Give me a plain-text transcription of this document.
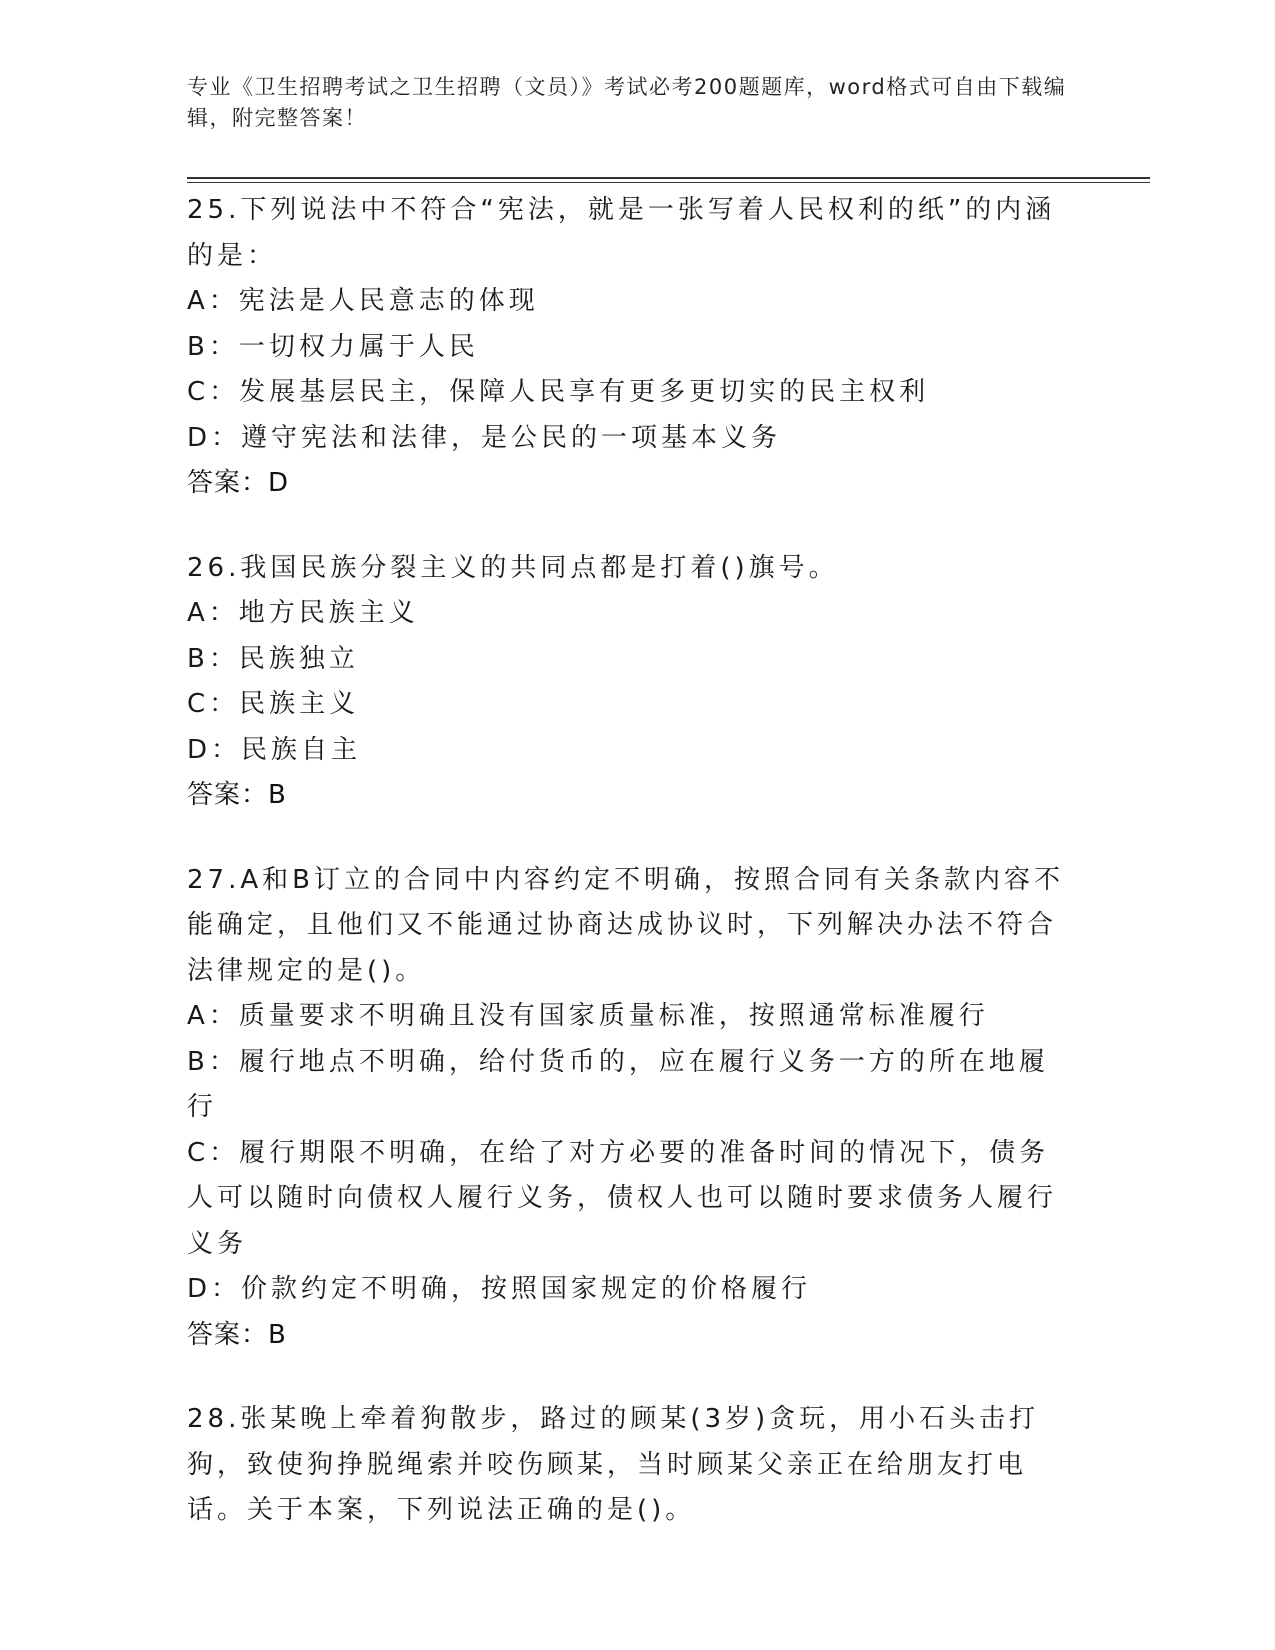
专业《卫生招聘考试之卫生招聘（文员）》考试必考200题题库，word格式可自由下载编辑，附完整答案！
25.下列说法中不符合“宪法，就是一张写着人民权利的纸”的内涵的是：
A：宪法是人民意志的体现
B：一切权力属于人民
C：发展基层民主，保障人民享有更多更切实的民主权利
D：遵守宪法和法律，是公民的一项基本义务
答案：D
26.我国民族分裂主义的共同点都是打着()旗号。
A：地方民族主义
B：民族独立
C：民族主义
D：民族自主
答案：B
27.A和B订立的合同中内容约定不明确，按照合同有关条款内容不能确定，且他们又不能通过协商达成协议时，下列解决办法不符合法律规定的是()。
A：质量要求不明确且没有国家质量标准，按照通常标准履行
B：履行地点不明确，给付货币的，应在履行义务一方的所在地履行
C：履行期限不明确，在给了对方必要的准备时间的情况下，债务人可以随时向债权人履行义务，债权人也可以随时要求债务人履行义务
D：价款约定不明确，按照国家规定的价格履行
答案：B
28.张某晚上牵着狗散步，路过的顾某(3岁)贪玩，用小石头击打狗，致使狗挣脱绳索并咬伤顾某，当时顾某父亲正在给朋友打电话。关于本案，下列说法正确的是()。
